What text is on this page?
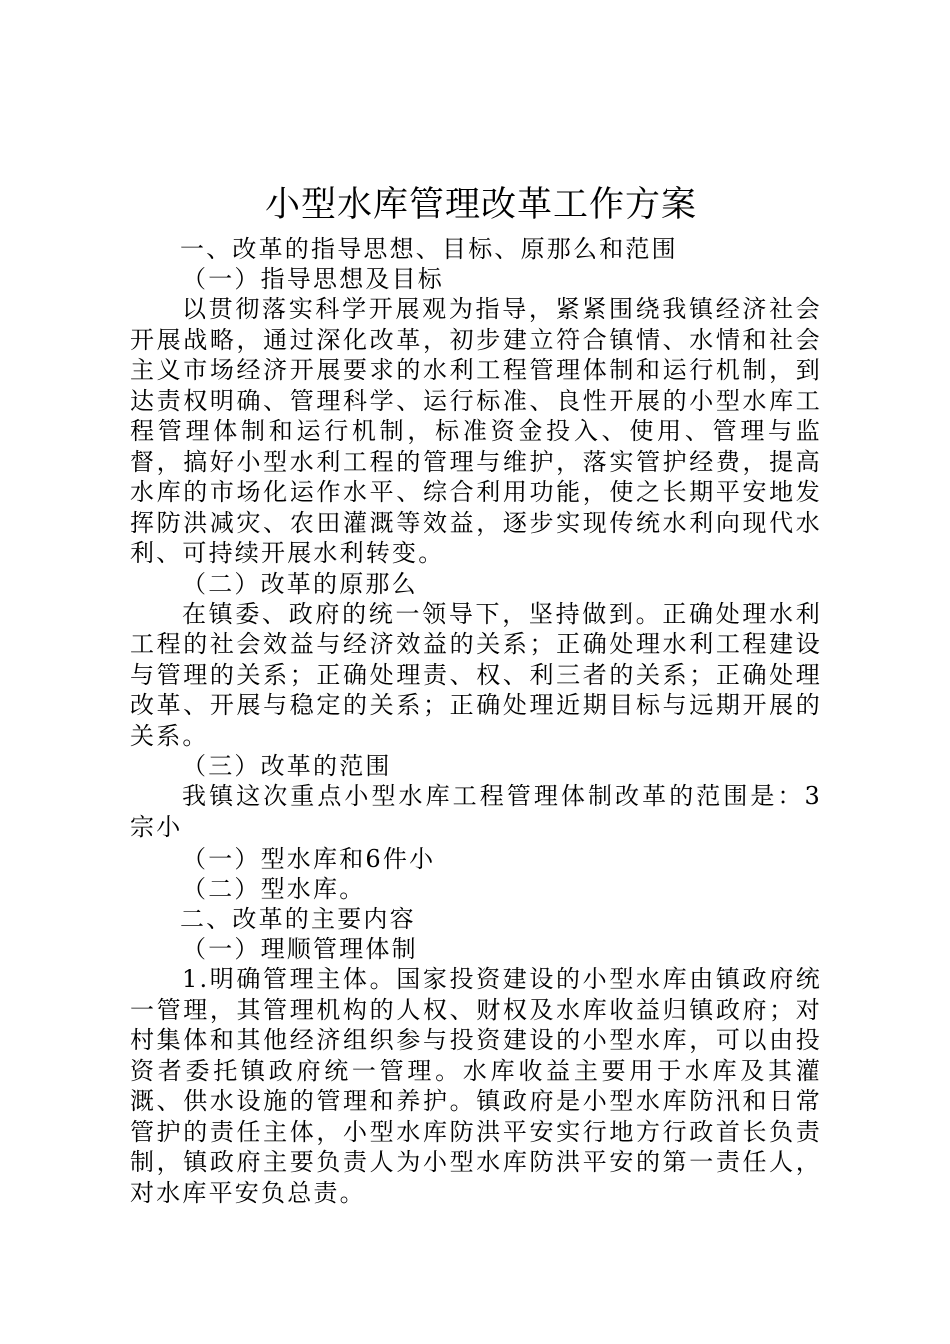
小型水库管理改革工作方案

一、改革的指导思想、目标、原那么和范围

（一）指导思想及目标

以贯彻落实科学开展观为指导，紧紧围绕我镇经济社会开展战略，通过深化改革，初步建立符合镇情、水情和社会主义市场经济开展要求的水利工程管理体制和运行机制，到达责权明确、管理科学、运行标准、良性开展的小型水库工程管理体制和运行机制，标准资金投入、使用、管理与监督，搞好小型水利工程的管理与维护，落实管护经费，提高水库的市场化运作水平、综合利用功能，使之长期平安地发挥防洪减灾、农田灌溉等效益，逐步实现传统水利向现代水利、可持续开展水利转变。

（二）改革的原那么

在镇委、政府的统一领导下，坚持做到。正确处理水利工程的社会效益与经济效益的关系；正确处理水利工程建设与管理的关系；正确处理责、权、利三者的关系；正确处理改革、开展与稳定的关系；正确处理近期目标与远期开展的关系。

（三）改革的范围

我镇这次重点小型水库工程管理体制改革的范围是：3宗小

（一）型水库和6件小

（二）型水库。

二、改革的主要内容

（一）理顺管理体制

1.明确管理主体。国家投资建设的小型水库由镇政府统一管理，其管理机构的人权、财权及水库收益归镇政府；对村集体和其他经济组织参与投资建设的小型水库，可以由投资者委托镇政府统一管理。水库收益主要用于水库及其灌溉、供水设施的管理和养护。镇政府是小型水库防汛和日常管护的责任主体，小型水库防洪平安实行地方行政首长负责制，镇政府主要负责人为小型水库防洪平安的第一责任人，对水库平安负总责。
